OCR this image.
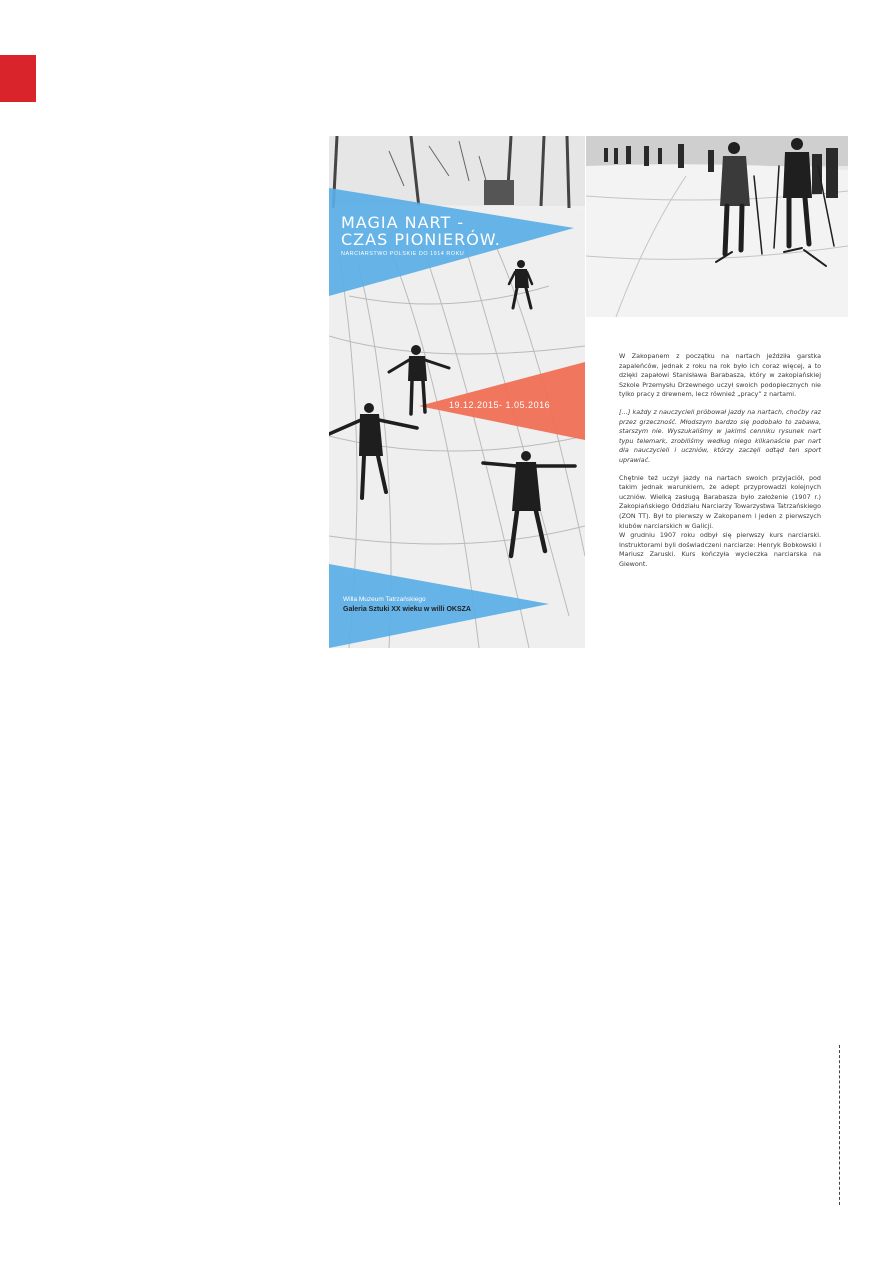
MAGIA NART -
CZAS PIONIERÓW.

NARCIARSTWO POLSKIE DO 1914 ROKU

19.12.2015- 1.05.2016
Willa Muzeum Tatrzańskiego
Galeria Sztuki XX wieku w willi OKSZA

W Zakopanem z początku na nartach jeździła garstka zapaleńców, jednak z roku na rok było ich coraz więcej, a to dzięki zapałowi Stanisława Barabasza, który w zakopiańskiej Szkole Przemysłu Drzewnego uczył swoich podopiecznych nie tylko pracy z drewnem, lecz również „pracy” z nartami.

[…] każdy z nauczycieli próbował jazdy na nartach, choćby raz przez grzeczność. Młodszym bardzo się podobało to zabawa, starszym nie. Wyszukaliśmy w jakimś cenniku rysunek nart typu telemark, zrobiliśmy według niego kilkanaście par nart dla nauczycieli i uczniów, którzy zaczęli odtąd ten sport uprawiać.

Chętnie też uczył jazdy na nartach swoich przyjaciół, pod takim jednak warunkiem, że adept przyprowadzi kolejnych uczniów. Wielką zasługą Barabasza było założenie (1907 r.) Zakopiańskiego Oddziału Narciarzy Towarzystwa Tatrzańskiego (ZON TT). Był to pierwszy w Zakopanem i jeden z pierwszych klubów narciarskich w Galicji.

W grudniu 1907 roku odbył się pierwszy kurs narciarski. Instruktorami byli doświadczeni narciarze: Henryk Bobkowski i Mariusz Zaruski. Kurs kończyła wycieczka narciarska na Giewont.
